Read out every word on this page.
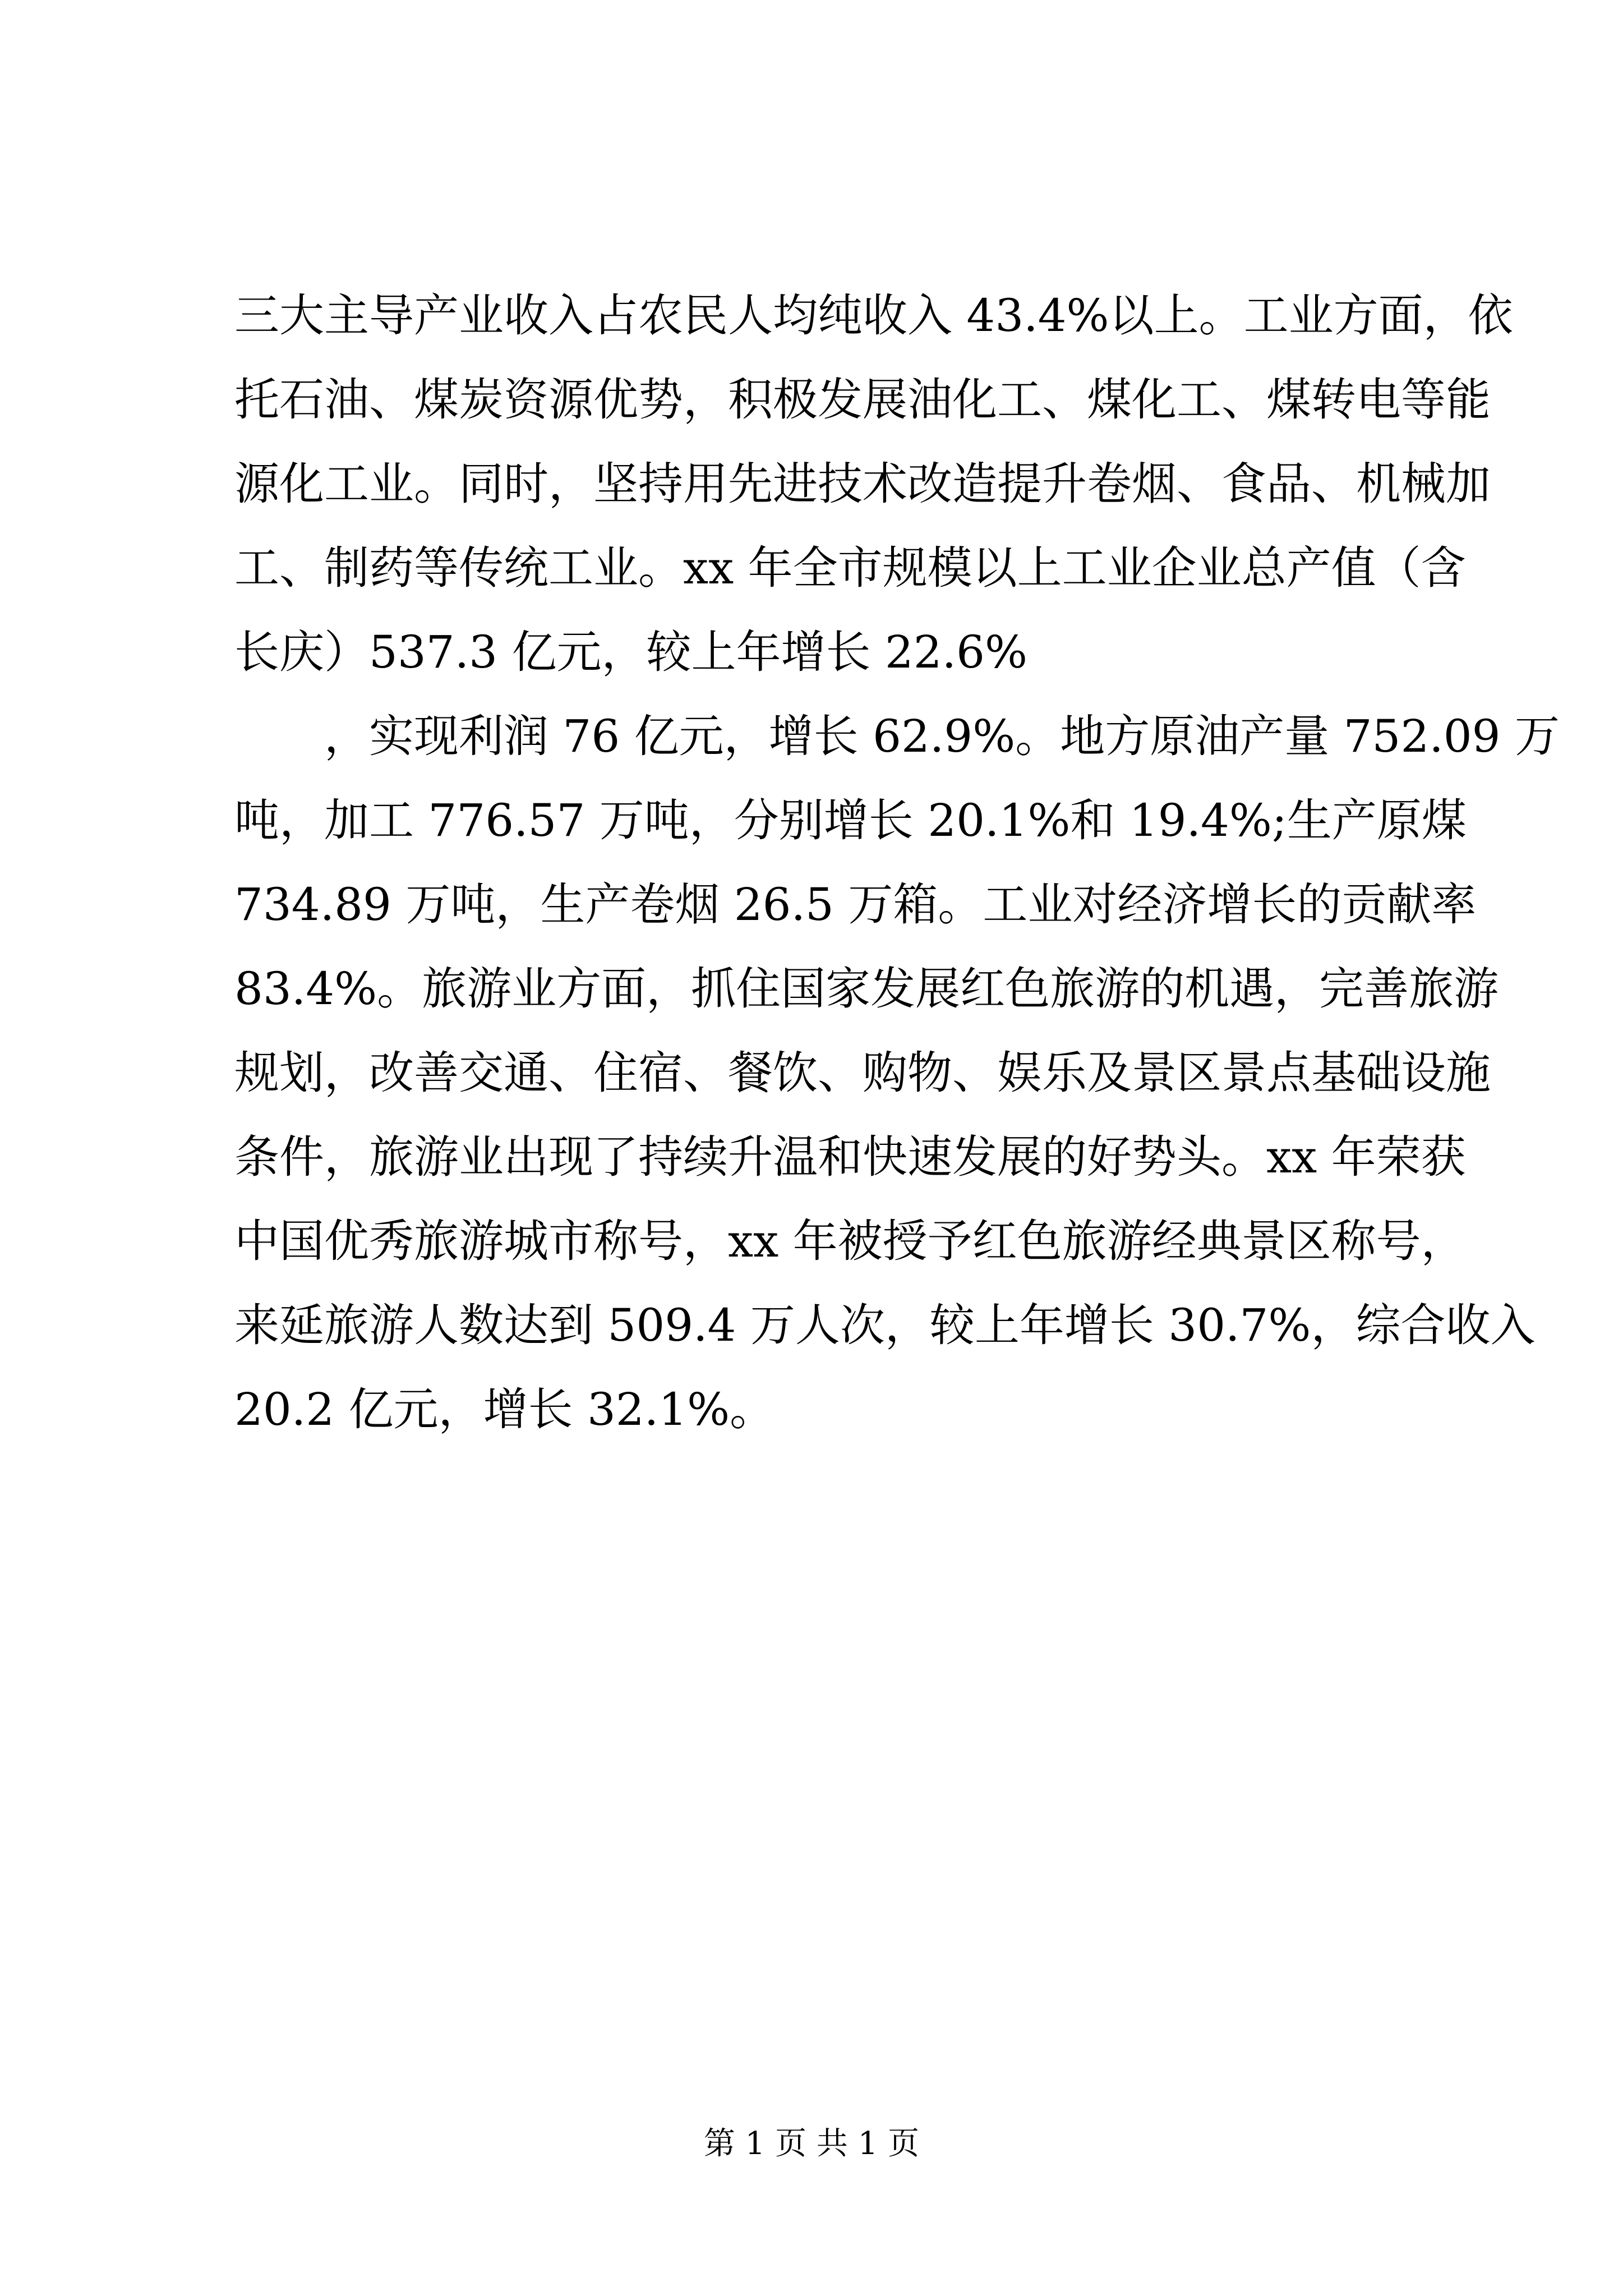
三大主导产业收入占农民人均纯收入 43.4%以上。工业方面，依
托石油、煤炭资源优势，积极发展油化工、煤化工、煤转电等能
源化工业。同时，坚持用先进技术改造提升卷烟、食品、机械加
工、制药等传统工业。xx 年全市规模以上工业企业总产值（含
长庆）537.3 亿元，较上年增长 22.6%
，实现利润 76 亿元，增长 62.9%。地方原油产量 752.09 万
吨，加工 776.57 万吨，分别增长 20.1%和 19.4%;生产原煤
734.89 万吨，生产卷烟 26.5 万箱。工业对经济增长的贡献率
83.4%。旅游业方面，抓住国家发展红色旅游的机遇，完善旅游
规划，改善交通、住宿、餐饮、购物、娱乐及景区景点基础设施
条件，旅游业出现了持续升温和快速发展的好势头。xx 年荣获
中国优秀旅游城市称号，xx 年被授予红色旅游经典景区称号，
来延旅游人数达到 509.4 万人次，较上年增长 30.7%，综合收入
20.2 亿元，增长 32.1%。
第 1 页 共 1 页
